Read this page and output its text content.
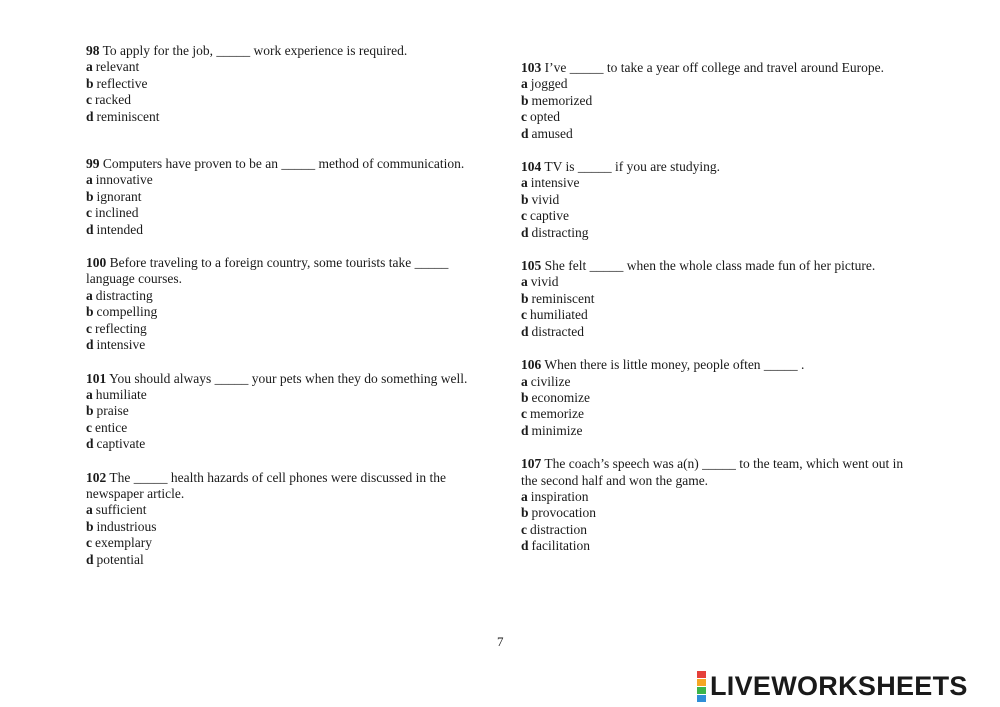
98 To apply for the job, _____ work experience is required.

a relevant

b reflective

c racked

d reminiscent

99 Computers have proven to be an _____ method of communication.

a innovative

b ignorant

c inclined

d intended

100 Before traveling to a foreign country, some tourists take _____ language courses.

a distracting

b compelling

c reflecting

d intensive

101 You should always _____ your pets when they do something well.

a humiliate

b praise

c entice

d captivate

102 The _____ health hazards of cell phones were discussed in the newspaper article.

a sufficient

b industrious

c exemplary

d potential

103 I’ve _____ to take a year off college and travel around Europe.

a jogged

b memorized

c opted

d amused

104 TV is _____ if you are studying.

a intensive

b vivid

c captive

d distracting

105 She felt _____ when the whole class made fun of her picture.

a vivid

b reminiscent

c humiliated

d distracted

106 When there is little money, people often _____ .

a civilize

b economize

c memorize

d minimize

107 The coach’s speech was a(n) _____ to the team, which went out in the second half and won the game.

a inspiration

b provocation

c distraction

d facilitation

7
LIVEWORKSHEETS
